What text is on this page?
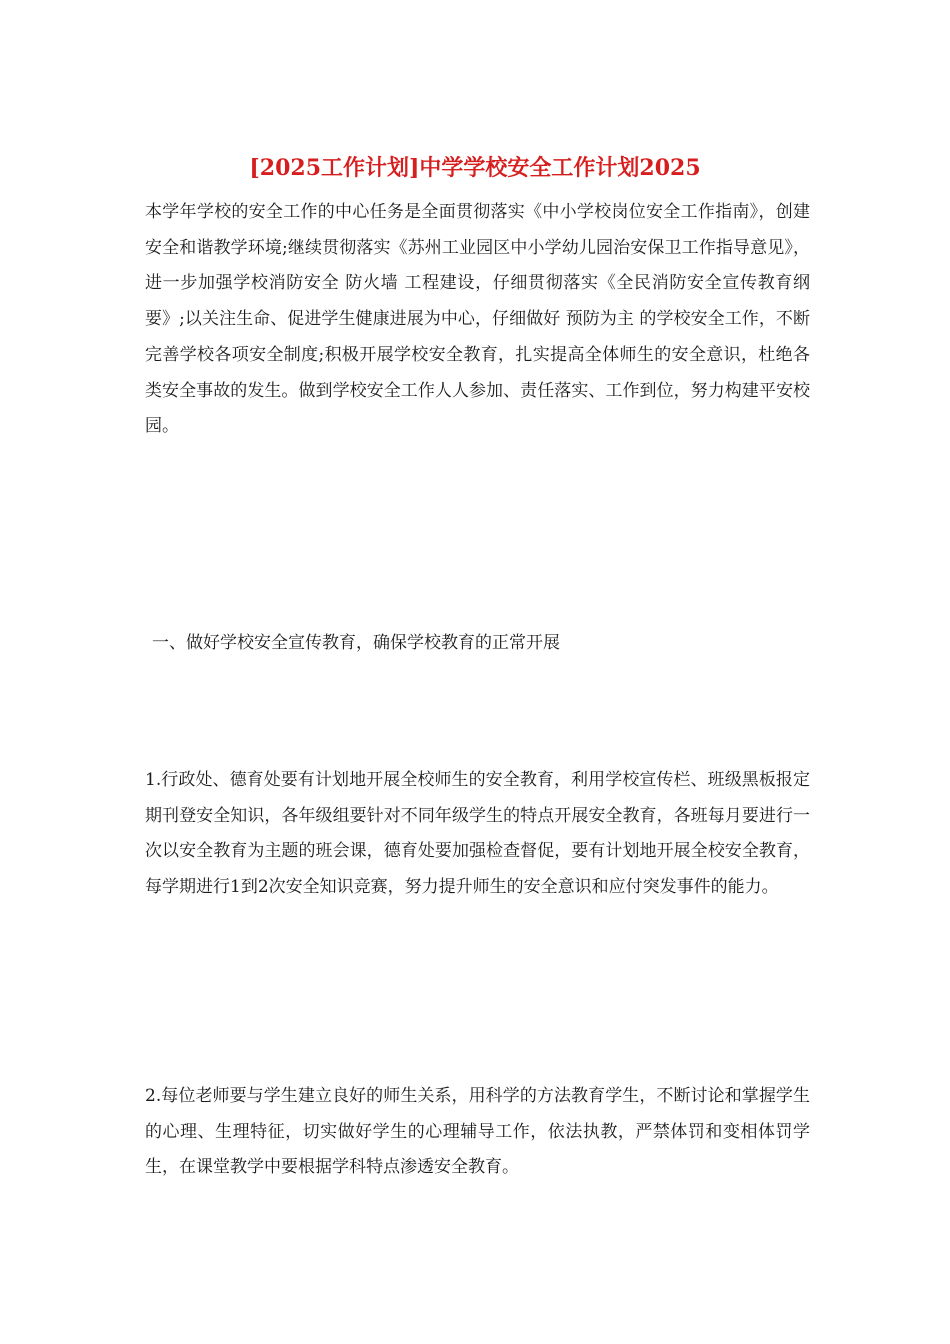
[2025工作计划]中学学校安全工作计划2025

本学年学校的安全工作的中心任务是全面贯彻落实《中小学校岗位安全工作指南》，创建安全和谐教学环境;继续贯彻落实《苏州工业园区中小学幼儿园治安保卫工作指导意见》，进一步加强学校消防安全 防火墙 工程建设，仔细贯彻落实《全民消防安全宣传教育纲要》;以关注生命、促进学生健康进展为中心，仔细做好 预防为主 的学校安全工作，不断完善学校各项安全制度;积极开展学校安全教育，扎实提高全体师生的安全意识，杜绝各类安全事故的发生。做到学校安全工作人人参加、责任落实、工作到位，努力构建平安校园。

一、做好学校安全宣传教育，确保学校教育的正常开展

1.行政处、德育处要有计划地开展全校师生的安全教育，利用学校宣传栏、班级黑板报定期刊登安全知识，各年级组要针对不同年级学生的特点开展安全教育，各班每月要进行一次以安全教育为主题的班会课，德育处要加强检查督促，要有计划地开展全校安全教育，每学期进行1到2次安全知识竞赛，努力提升师生的安全意识和应付突发事件的能力。

2.每位老师要与学生建立良好的师生关系，用科学的方法教育学生，不断讨论和掌握学生的心理、生理特征，切实做好学生的心理辅导工作，依法执教，严禁体罚和变相体罚学生，在课堂教学中要根据学科特点渗透安全教育。
